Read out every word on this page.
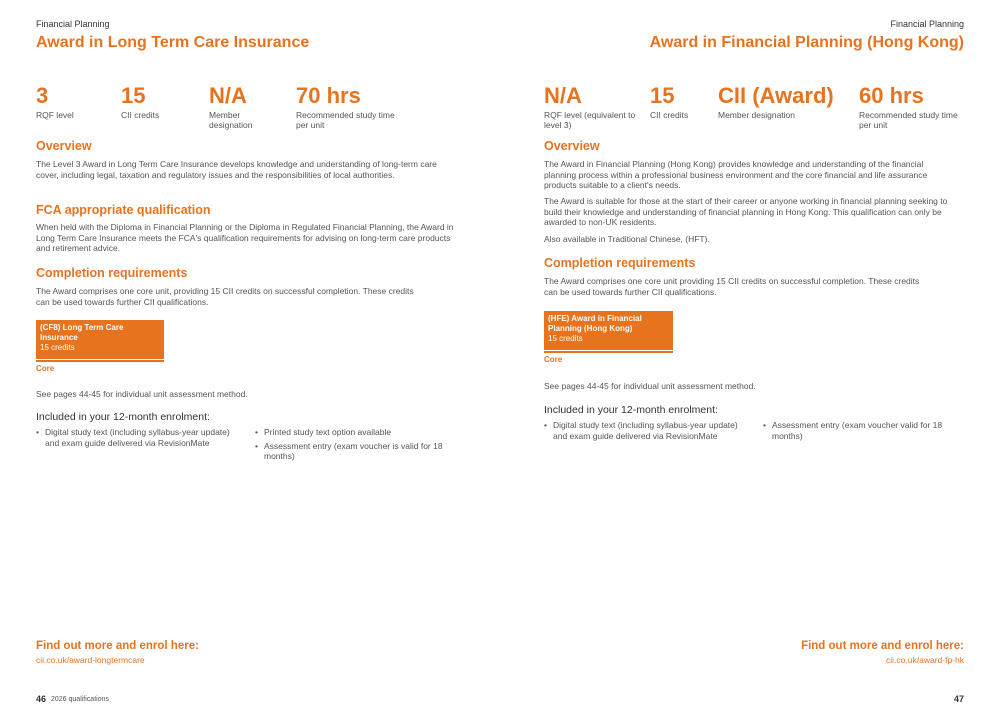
Financial Planning
Award in Long Term Care Insurance
3
RQF level
15
CII credits
N/A
Member designation
70 hrs
Recommended study time per unit
Overview
The Level 3 Award in Long Term Care Insurance develops knowledge and understanding of long-term care cover, including legal, taxation and regulatory issues and the responsibilities of local authorities.
FCA appropriate qualification
When held with the Diploma in Financial Planning or the Diploma in Regulated Financial Planning, the Award in Long Term Care Insurance meets the FCA's qualification requirements for advising on long-term care products and retirement advice.
Completion requirements
The Award comprises one core unit, providing 15 CII credits on successful completion. These credits can be used towards further CII qualifications.
(CF8) Long Term Care Insurance
15 credits
Core
See pages 44-45 for individual unit assessment method.
Included in your 12-month enrolment:
• Digital study text (including syllabus-year update) and exam guide delivered via RevisionMate
• Printed study text option available
• Assessment entry (exam voucher is valid for 18 months)
Find out more and enrol here:
cii.co.uk/award-longtermcare
46 2026 qualifications
Financial Planning
Award in Financial Planning (Hong Kong)
N/A
RQF level (equivalent to level 3)
15
CII credits
CII (Award)
Member designation
60 hrs
Recommended study time per unit
Overview
The Award in Financial Planning (Hong Kong) provides knowledge and understanding of the financial planning process within a professional business environment and the core financial and life assurance products suitable to a client's needs.
The Award is suitable for those at the start of their career or anyone working in financial planning seeking to build their knowledge and understanding of financial planning in Hong Kong. This qualification can only be awarded to non-UK residents.
Also available in Traditional Chinese, (HFT).
Completion requirements
The Award comprises one core unit providing 15 CII credits on successful completion. These credits can be used towards further CII qualifications.
(HFE) Award in Financial Planning (Hong Kong)
15 credits
Core
See pages 44-45 for individual unit assessment method.
Included in your 12-month enrolment:
• Digital study text (including syllabus-year update) and exam guide delivered via RevisionMate
• Assessment entry (exam voucher valid for 18 months)
Find out more and enrol here:
cii.co.uk/award-fp-hk
47
